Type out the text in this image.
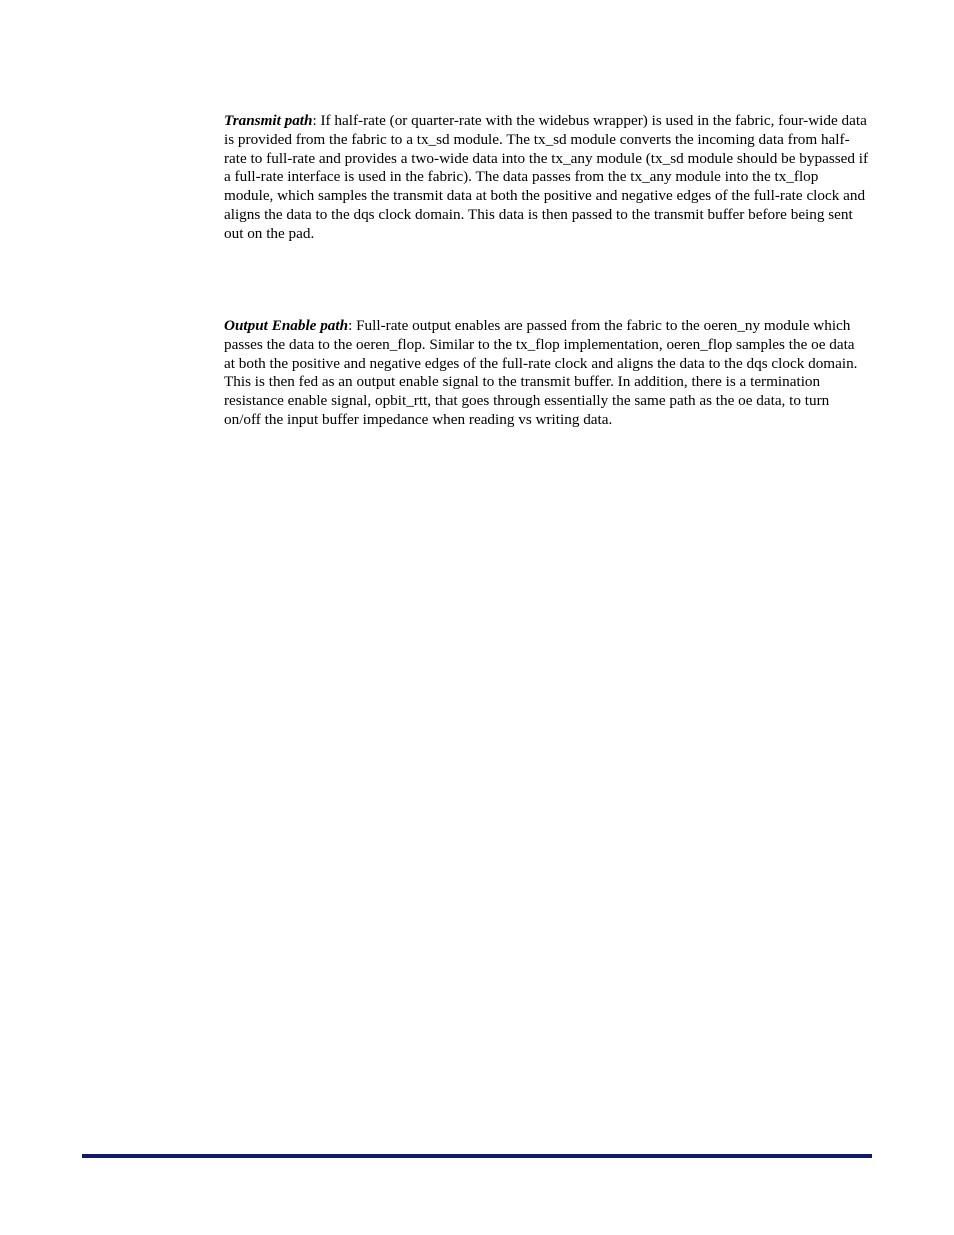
Transmit path: If half-rate (or quarter-rate with the widebus wrapper) is used in the fabric, four-wide data is provided from the fabric to a tx_sd module. The tx_sd module converts the incoming data from half-rate to full-rate and provides a two-wide data into the tx_any module (tx_sd module should be bypassed if a full-rate interface is used in the fabric). The data passes from the tx_any module into the tx_flop module, which samples the transmit data at both the positive and negative edges of the full-rate clock and aligns the data to the dqs clock domain. This data is then passed to the transmit buffer before being sent out on the pad.

Output Enable path: Full-rate output enables are passed from the fabric to the oeren_ny module which passes the data to the oeren_flop. Similar to the tx_flop implementation, oeren_flop samples the oe data at both the positive and negative edges of the full-rate clock and aligns the data to the dqs clock domain. This is then fed as an output enable signal to the transmit buffer. In addition, there is a termination resistance enable signal, opbit_rtt, that goes through essentially the same path as the oe data, to turn on/off the input buffer impedance when reading vs writing data.
